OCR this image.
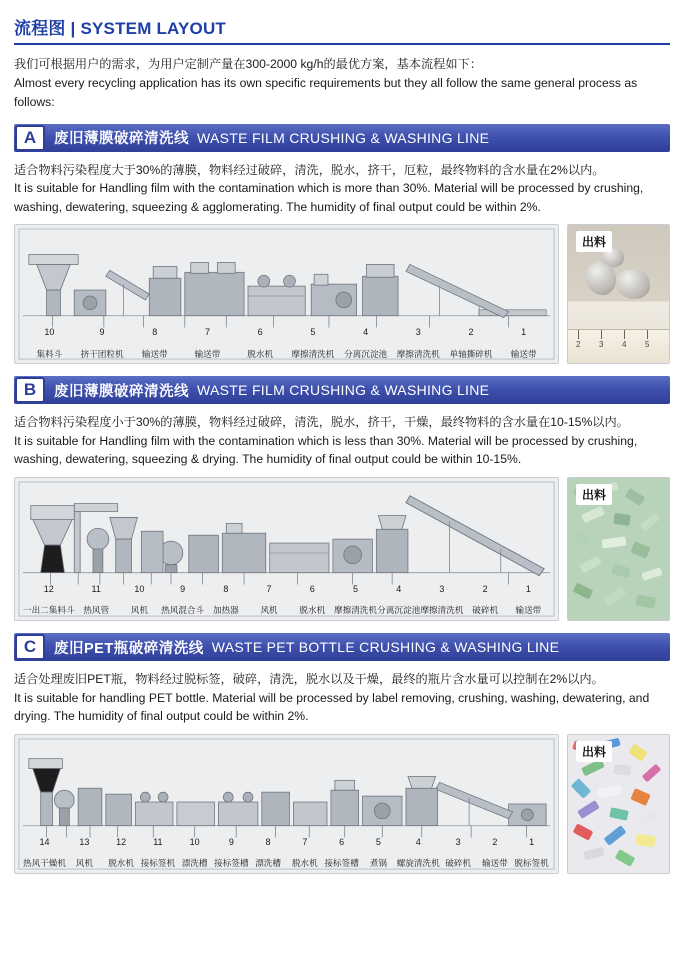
流程图 | SYSTEM LAYOUT
我们可根据用户的需求，为用户定制产量在300-2000 kg/h的最优方案，基本流程如下：
Almost every recycling application has its own specific requirements but they all follow the same general process as follows:
A	废旧薄膜破碎清洗线 WASTE FILM CRUSHING & WASHING LINE
适合物料污染程度大于30%的薄膜，物料经过破碎，清洗，脱水，挤干，厄粒，最终物料的含水量在2%以内。
It is suitable for Handling film with the contamination which is more than 30%. Material will be processed by crushing, washing, dewatering, squeezing & agglomerating. The humidity of final output could be within 2%.
10
集料斗
9
挤干团粒机
8
输送带
7
输送带
6
脱水机
5
摩擦清洗机
4
分离沉淀池
3
摩擦清洗机
2
单轴撕碎机
1
输送带
2 3 4 5
出料
B	废旧薄膜破碎清洗线 WASTE FILM CRUSHING & WASHING LINE
适合物料污染程度小于30%的薄膜，物料经过破碎，清洗，脱水，挤干，干燥，最终物料的含水量在10-15%以内。
It is suitable for Handling film with the contamination which is less than 30%. Material will be processed by crushing, washing, dewatering, squeezing & drying. The humidity of final output could be within 10-15%.
12
一出二集料斗
11
热风管
10
风机
9
热风混合斗
8
加热器
7
风机
6
脱水机
5
摩擦清洗机
4
分离沉淀池
3
摩擦清洗机
2
破碎机
1
输送带
出料
C	废旧PET瓶破碎清洗线 WASTE PET BOTTLE CRUSHING & WASHING LINE
适合处理废旧PET瓶，物料经过脱标签，破碎，清洗，脱水以及干燥，最终的瓶片含水量可以控制在2%以内。
It is suitable for handling PET bottle. Material will be processed by label removing, crushing, washing, dewatering, and drying. The humidity of final output could be within 2%.
14
热风干燥机
13
风机
12
脱水机
11
接标签机
10
漂洗槽
9
接标签槽
8
漂洗槽
7
脱水机
6
接标签槽
5
煮锅
4
螺旋清洗机
3
破碎机
2
输送带
1
脱标签机
出料
